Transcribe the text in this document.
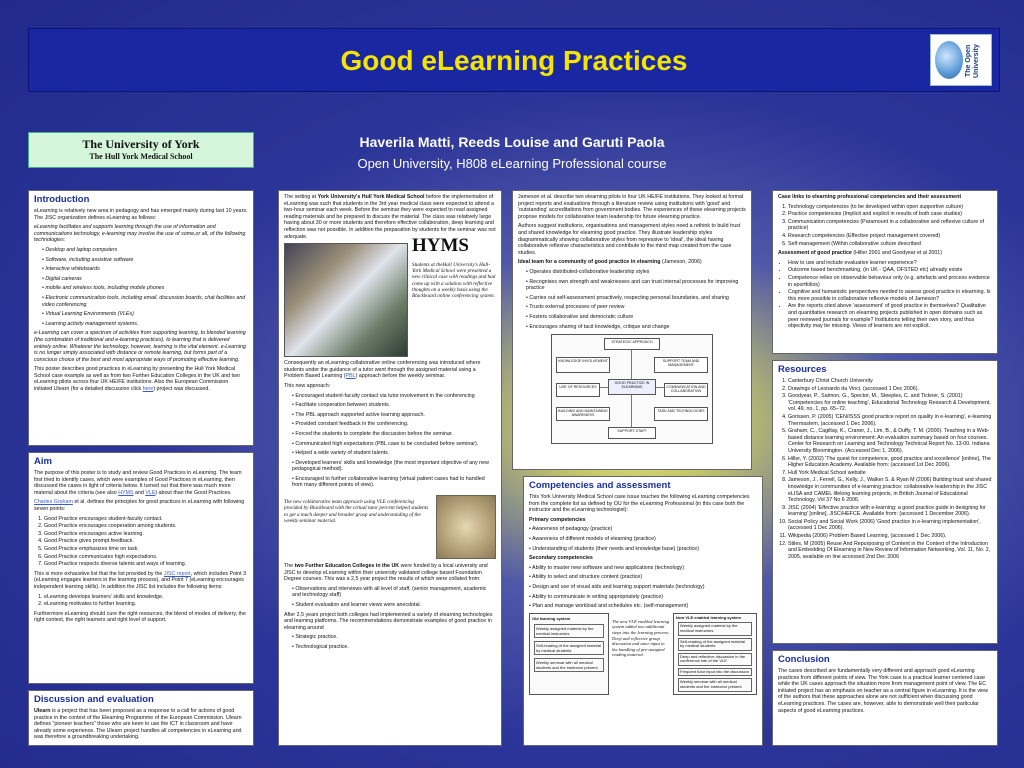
Good eLearning Practices	The Open University
The University of York
The Hull York Medical School
Haverila Matti, Reeds Louise and Garuti Paola
Open University, H808 eLearning Professional course
Introduction

eLearning is relatively new area in pedagogy and has emerged mainly during last 10 years. The JISC organization defines eLearning as follows:

eLearning facilitates and supports learning through the use of information and communications technology, e-learning may involve the use of some,or all, of the following technologies:

• Desktop and laptop computers

• Software, including assistive software

• Interactive whiteboards

• Digital cameras

• mobile and wireless tools, including mobile phones

• Electronic communication tools, including email, discussion boards, chat facilities and video conferencing

• Virtual Learning Environments (VLEs)

• Learning activity management systems.

e-Learning can cover a spectrum of activities from supporting learning, to blended learning (the combination of traditional and e-learning practices), to learning that is delivered entirely online. Whatever the technology, however, learning is the vital element. e-Learning is no longer simply associated with distance or remote learning, but forms part of a conscious choice of the best and most appropriate ways of promoting effective learning.

This poster describes good practices in eLearning by presenting the Hull York Medical School case example as well as from two Further Education Colleges in the UK and two eLearning pilots across four UK HE/FE institutions. Also the European Commission initiated Ulearn (for a detailed discussion click here) project was discussed.

Aim

The purpose of this poster is to study and review Good Practices in eLearning. The team first tried to identify cases, which were examples of Good Practices in eLearning, then discussed the cases in light of criteria below. It turned out that there was much more material about the criteria (see also HYMS and VLE) about than the Good Practices.

Charles Graham et al. defines the principles for good practices in eLearning with following seven points:

1. Good Practice encourages student-faculty contact.
2. Good Practice encourages cooperation among students.
3. Good Practice encourages active learning.
4. Good Practice gives prompt feedback.
5. Good Practice emphasizes time on task.
6. Good Practice communicates high expectations.
7. Good Practice respects diverse talents and ways of learning.

This is more exhaustive list that the list provided by the JISC report, which includes Point 3 (eLearning engages learners in the learning process), and Point 7 (eLearning encourages independent learning skills). In addition the JISC list includes the following items:

1. eLearning develops learners' skills and knowledge.
2. eLearning motivates to further learning.

Furthermore eLearning should cure the right resources, the blend of modes of delivery, the right context, the right learners and right level of support.

Discussion and evaluation

Ulearn is a project that has been proposed as a response to a call for actions of good practice in the context of the Elearning Programme of the European Commission. Ulearn defines "pioneer teachers" those who are keen to use the ICT in classroom and have already some experience. The Ulearn project handles all competencies in eLearning and was therefore a groundbreaking undertaking.

The setting at York University's Hull York Medical School before the implementation of eLearning was such that students in the 3rd year medical class were expected to attend a two-hour seminar each week. Before the seminar they were expected to read assigned reading materials and be prepared to discuss the material. The class was relatively large having about 30 or more students and therefore effective collaboration, deep learning and reflection was not possible. In addition the preparation by students for the seminar was not adequate.	HYMS
Students at theHull University's Hull-York Medical School were presented a new clinical case with readings and had come up with a solution with reflective thoughts on a weekly basis using the Blackboard online conferencing system.

Consequently an eLearning collaborative online conferencing was introduced where students under the guidance of a tutor went through the assigned material using a Problem Based Learning (PBL) approach before the weekly seminar.

This new approach:

• Encouraged student-faculty contact via tutor involvement in the conferencing

• Facilitate cooperation between students.

• The PBL approach supported active learning approach.

• Provided constant feedback in the conferencing.

• Forced the students to complete the discussion before the seminar.

• Communicated high expectations (PBL case to be concluded before seminar).

• Helped a wide variety of student talents.

• Developed learners' skills and knowledge (the most important objective of any new pedagogical method).

• Encouraged to further collaborative learning (virtual patient cases had to handled from many different points of view).

The new collaborative team approach using VLE conferencing provided by Blackboard with the virtual tutor percent helped students to get a much deeper and broader grasp and understanding of the weekly seminar material.

The two Further Education Colleges in the UK were funded by a local university and JISC to develop eLearning within their university validated college based Foundation Degree courses. This was a 2,5 year project the results of which were collated from:

• Observations and interviews with all level of staff, (senior management, academic and technology staff)

• Student evaluation and learner views were anecdotal.

After 2,5 years project both colleges had implemented a variety of elearning technologies and learning platforms. The recommendations demonstrate examples of good practice in elearning around

• Strategic practice.

• Technological practice.

Jameson et al. describe two elearning pilots in four UK HE/FE institutions. They looked at formal project reports and evaluations through a literature review using institutions with 'good' and 'outstanding' accreditations from government bodies. The experiences of these elearning projects propose models for collaborative team leadership for future elearning practice.

Authors suggest institutions, organisations and management styles need a rethink to build trust and shared knowledge for elearning good practice. They illustrate leadership styles diagrammatically showing collaborative styles from repressive to 'ideal', the ideal having collaborative reflexive characteristics and contribute to the mind map created from the case studies.

Ideal team for a community of good practice in elearning (Jameson, 2006)

• Operates distributed-collaborative leadership styles

• Recognises own strength and weaknesses and can trust internal processes for improving practice

• Carries out self-assessment proactively, respecting personal boundaries, and sharing

• Trusts external processes of peer review

• Fosters collaborative and democratic culture

• Encourages sharing of tacit knowledge, critique and change

STRATEGIC APPROACH
KNOWLEDGE INVOLVEMENT	SUPPORT TEAM AND MANAGEMENT
GOOD PRACTICE IN ELEARNING
USE OF RESOURCES	COMMUNICATION AND COLLABORATION
BUILDING AND MAINTAINING AWARENESS
TASK AND TECHNOLOGIES
SUPPORT STAFF
Competencies and assessment

This York University Medical School case issue touches the following eLearning competencies from the complete list as defined by OU for the eLearning Professional (in this case both the instructor and the eLearning technologist):

Primary competencies

• Awareness of pedagogy (practice)

• Awareness of different models of elearning (practice)

• Understanding of students (their needs and knowledge base) (practice)

Secondary competencies

• Ability to master new software and new applications (technology)

• Ability to select and structure content (practice)

• Design and use of visual aids and learning support materials (technology)

• Ability to communicate in writing appropriately (practice)

• Plan and manage workload and schedules etc. (self-management)

Old learning system
Weekly assigned material by the medical instructors
Self-reading of the assigned material by medical students
Weekly seminar with all medical students and the instructor present
The new VLE enabled learning system added two additional steps into the learning process: Deep and reflective group discussion and tutor input in the handling of pre-assigned reading material.
New VLE enabled learning system
Weekly assigned material by the medical instructors
Self-reading of the assigned material by medical students
Deep and reflective discussion in the conference site of the VLE
Frequent tutor input into the discussion
Weekly seminar with all medical students and the instructor present

Case links to elearning professional competencies and their assessment

1. Technology competencies (to be developed within open supportive culture)
2. Practice competencies (Implicit and explicit in results of both case studies)
3. Communication competencies (Paramount in a collaborative and reflexive culture of practice)
4. Research competencies (Effective project management covered)
5. Self-management (Within collaborative culture described

Assessment of good practice (Hiller 2001 and Goodyear et al 2001)

• How to use and include evaluative learner experience?
• Outcome based benchmarking, (in UK - QAA, OFSTED etc) already exists
• Competence relies on observable behaviour only (e.g. artefacts and process evidence in eportfolios)
• Cognitive and humanistic perspectives needed to assess good practice in elearning. Is this more possible in collaborative reflexive models of Jameson?
• Are the reports cited above 'assessment' of good practice in themselves? Qualitative and quantitative research on elearning projects published in open domains such as peer reviewed journals for example? Institutions telling their own story, and thus objectivity may be missing. Views of learners are not explicit.
Resources
1. Canterbury Christ Church University
2. Drawings of Leonardo da Vinci, (accessed 1 Dec 2006).
3. Goodyear, P., Salmon, G., Spector, M., Steeples, C. and Tickner, S. (2001) 'Competencies for online teaching', Educational Technology Research & Development, vol. 49, no. 1, pp. 65–72.
4. Gorissen, P. (2005) 'CEN/ISSS good practice report on quality in e-learning', e-learning Thermastem, (accessed 1 Dec 2006).
5. Graham, C., Cagiltay, K., Craner, J., Lim, B., & Duffy, T. M. (2000). Teaching in a Web-based distance learning environment: An evaluation summary based on four courses. Center for Research on Learning and Technology Technical Report No. 13-00. Indiana University Bloomington. (Accessed Dec 1, 2006).
6. Hiller, Y. (2002) 'The quest for competence, good practice and excellence' [online], The Higher Education Academy. Available from: (accessed 1st Dec 2006).
7. Hull York Medical School website
8. Jameson, J., Ferrell, G., Kelly, J., Walker S. & Ryan M (2006) Building trust and shared knowledge in communities of e-learning practice: collaborative leadership in the JISC eLISA and CAMEL lifelong learning projects, in British Journal of Educational Technology, Vol 37 No 6 2006.
9. JISC (2004) 'Effective practice with e-learning: a good practice guide in designing for learning' [online], JISC/HEFCE. Available from: (accessed 1 December 2006).
10. Social Policy and Social Work (2006) 'Good practice in e-learning implementation', (accessed 1 Dec 2006).
11. Wikipedia (2006) Problem Based Learning, (accessed 1 Dec 2006).
12. Stiles, M (2005) Reuse And Repurposing of Content in the Context of the Introduction and Embedding Of Elearning in New Review of Information Networking, Vol. 11, No. 2, 2005, available on line accessed 2nd Dec 2006
Conclusion

The cases described are fundamentally very different and approach good eLearning practices from different points of view. The York case is a practical learner centered case while the UK cases approach the situation more from management point of view. The EC initiated project has an emphasis on teacher as a central figure in eLearning. It is the view of the authors that these approaches alone are not sufficient when discussing good eLearning practices. The cases are, however, able to demonstrate well their particular aspects of good eLearning practices.
